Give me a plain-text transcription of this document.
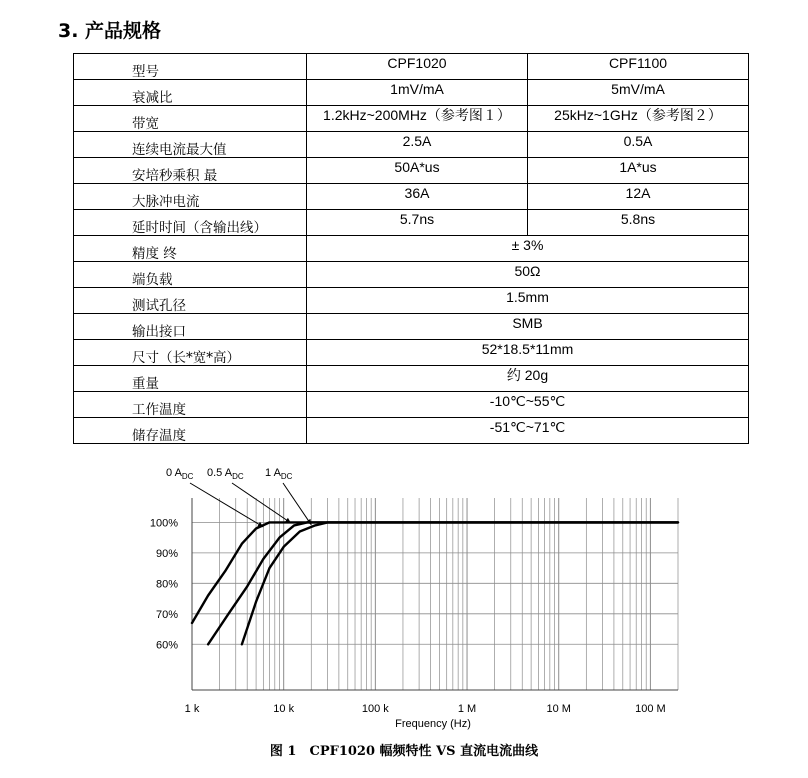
3. 产品规格
型号	CPF1020	CPF1100
衰减比	1mV/mA	5mV/mA
带宽	1.2kHz~200MHz（参考图１）	25kHz~1GHz（参考图２）
连续电流最大值	2.5A	0.5A
安培秒乘积 最	50A*us	1A*us
大脉冲电流	36A	12A
延时时间（含输出线）	5.7ns	5.8ns
精度 终	± 3%	
端负载	50Ω	
测试孔径	1.5mm	
输出接口	SMB	
尺寸（长*宽*高）	52*18.5*11mm	
重量	约 20g	
工作温度	-10℃~55℃	
储存温度	-51℃~71℃	
1 k	10 k	100 k	1 M	10 M	100 M
60%
70%
80%
90%
100%
Frequency (Hz)
0 $A_{DC}$ 0.5 $A_{DC}$ 1 $A_{DC}$
图 1　CPF1020 幅频特性 VS 直流电流曲线
